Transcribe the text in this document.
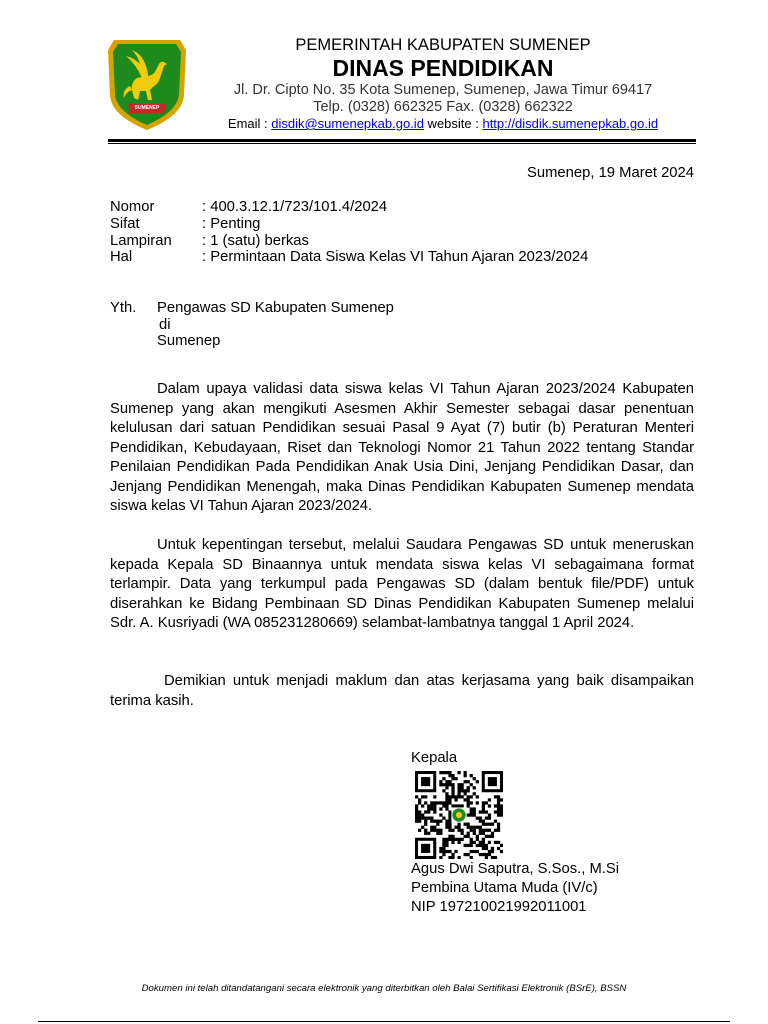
SUMENEP
PEMERINTAH KABUPATEN SUMENEP
DINAS PENDIDIKAN
Jl. Dr. Cipto No. 35 Kota Sumenep, Sumenep, Jawa Timur 69417
Telp. (0328) 662325 Fax. (0328) 662322
Email : disdik@sumenepkab.go.id website : http://disdik.sumenepkab.go.id
Sumenep, 19 Maret 2024
Nomor	: 400.3.12.1/723/101.4/2024
Sifat	: Penting
Lampiran	: 1 (satu) berkas
Hal	: Permintaan Data Siswa Kelas VI Tahun Ajaran 2023/2024
Yth. Pengawas SD Kabupaten Sumenep
di
Sumenep
Dalam upaya validasi data siswa kelas VI Tahun Ajaran 2023/2024 Kabupaten Sumenep yang akan mengikuti Asesmen Akhir Semester sebagai dasar penentuan kelulusan dari satuan Pendidikan sesuai Pasal 9 Ayat (7) butir (b) Peraturan Menteri Pendidikan, Kebudayaan, Riset dan Teknologi Nomor 21 Tahun 2022 tentang Standar Penilaian Pendidikan Pada Pendidikan Anak Usia Dini, Jenjang Pendidikan Dasar, dan Jenjang Pendidikan Menengah, maka Dinas Pendidikan Kabupaten Sumenep mendata siswa kelas VI Tahun Ajaran 2023/2024.
Untuk kepentingan tersebut, melalui Saudara Pengawas SD untuk meneruskan kepada Kepala SD Binaannya untuk mendata siswa kelas VI sebagaimana format terlampir. Data yang terkumpul pada Pengawas SD (dalam bentuk file/PDF) untuk diserahkan ke Bidang Pembinaan SD Dinas Pendidikan Kabupaten Sumenep melalui Sdr. A. Kusriyadi (WA 085231280669) selambat-lambatnya tanggal 1 April 2024.
Demikian untuk menjadi maklum dan atas kerjasama yang baik disampaikan terima kasih.
Kepala
Agus Dwi Saputra, S.Sos., M.Si
Pembina Utama Muda (IV/c)
NIP 197210021992011001
Dokumen ini telah ditandatangani secara elektronik yang diterbitkan oleh Balai Sertifikasi Elektronik (BSrE), BSSN
